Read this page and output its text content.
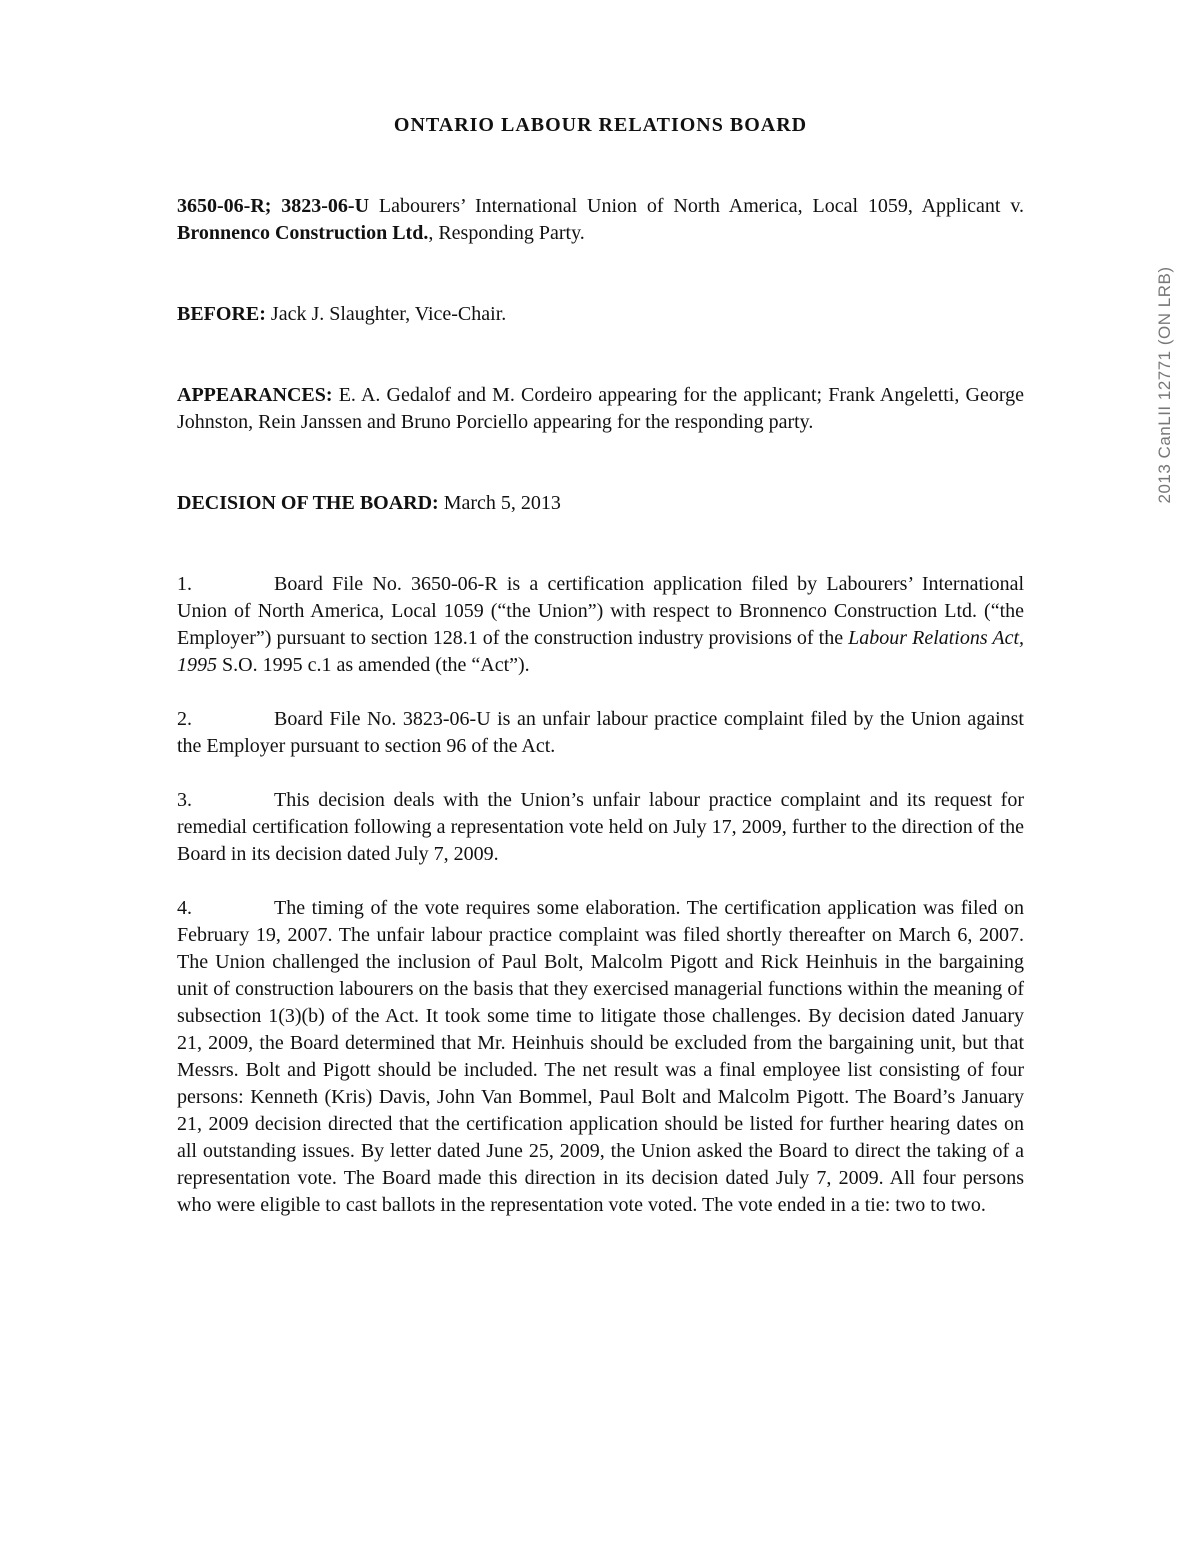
2013 CanLII 12771 (ON LRB)

ONTARIO LABOUR RELATIONS BOARD

3650-06-R; 3823-06-U Labourers’ International Union of North America, Local 1059, Applicant v. Bronnenco Construction Ltd., Responding Party.

BEFORE: Jack J. Slaughter, Vice-Chair.

APPEARANCES: E. A. Gedalof and M. Cordeiro appearing for the applicant; Frank Angeletti, George Johnston, Rein Janssen and Bruno Porciello appearing for the responding party.

DECISION OF THE BOARD: March 5, 2013

1.	Board File No. 3650-06-R is a certification application filed by Labourers’ International Union of North America, Local 1059 (“the Union”) with respect to Bronnenco Construction Ltd. (“the Employer”) pursuant to section 128.1 of the construction industry provisions of the Labour Relations Act, 1995 S.O. 1995 c.1 as amended (the “Act”).

2.	Board File No. 3823-06-U is an unfair labour practice complaint filed by the Union against the Employer pursuant to section 96 of the Act.

3.	This decision deals with the Union’s unfair labour practice complaint and its request for remedial certification following a representation vote held on July 17, 2009, further to the direction of the Board in its decision dated July 7, 2009.

4.	The timing of the vote requires some elaboration. The certification application was filed on February 19, 2007. The unfair labour practice complaint was filed shortly thereafter on March 6, 2007. The Union challenged the inclusion of Paul Bolt, Malcolm Pigott and Rick Heinhuis in the bargaining unit of construction labourers on the basis that they exercised managerial functions within the meaning of subsection 1(3)(b) of the Act. It took some time to litigate those challenges. By decision dated January 21, 2009, the Board determined that Mr. Heinhuis should be excluded from the bargaining unit, but that Messrs. Bolt and Pigott should be included. The net result was a final employee list consisting of four persons: Kenneth (Kris) Davis, John Van Bommel, Paul Bolt and Malcolm Pigott. The Board’s January 21, 2009 decision directed that the certification application should be listed for further hearing dates on all outstanding issues. By letter dated June 25, 2009, the Union asked the Board to direct the taking of a representation vote. The Board made this direction in its decision dated July 7, 2009. All four persons who were eligible to cast ballots in the representation vote voted. The vote ended in a tie: two to two.
